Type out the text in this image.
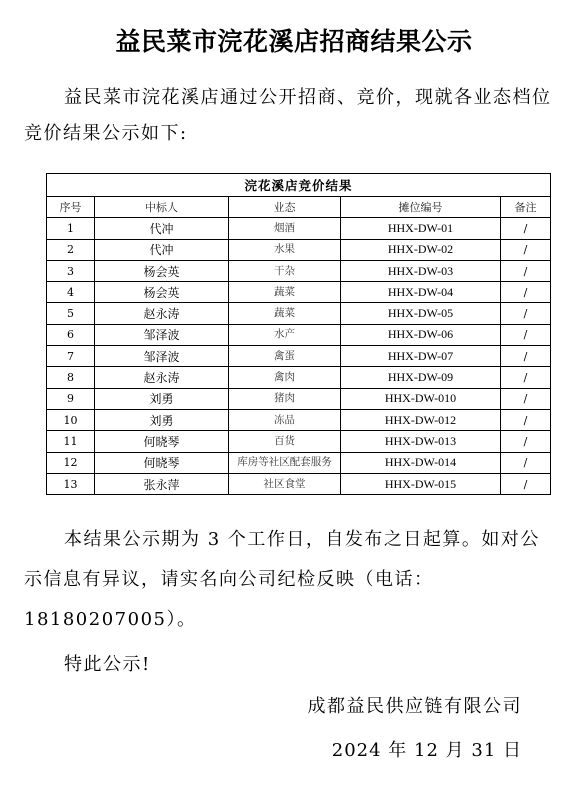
益民菜市浣花溪店招商结果公示
益民菜市浣花溪店通过公开招商、竞价，现就各业态档位竞价结果公示如下:
浣花溪店竞价结果				
序号	中标人	业态	摊位编号	备注
1	代冲	烟酒	HHX-DW-01	/
2	代冲	水果	HHX-DW-02	/
3	杨会英	干杂	HHX-DW-03	/
4	杨会英	蔬菜	HHX-DW-04	/
5	赵永涛	蔬菜	HHX-DW-05	/
6	邹泽波	水产	HHX-DW-06	/
7	邹泽波	禽蛋	HHX-DW-07	/
8	赵永涛	禽肉	HHX-DW-09	/
9	刘勇	猪肉	HHX-DW-010	/
10	刘勇	冻品	HHX-DW-012	/
11	何晓琴	百货	HHX-DW-013	/
12	何晓琴	库房等社区配套服务	HHX-DW-014	/
13	张永萍	社区食堂	HHX-DW-015	/
本结果公示期为 3 个工作日，自发布之日起算。如对公示信息有异议，请实名向公司纪检反映（电话：18180207005）。
特此公示!
成都益民供应链有限公司
2024 年 12 月 31 日
